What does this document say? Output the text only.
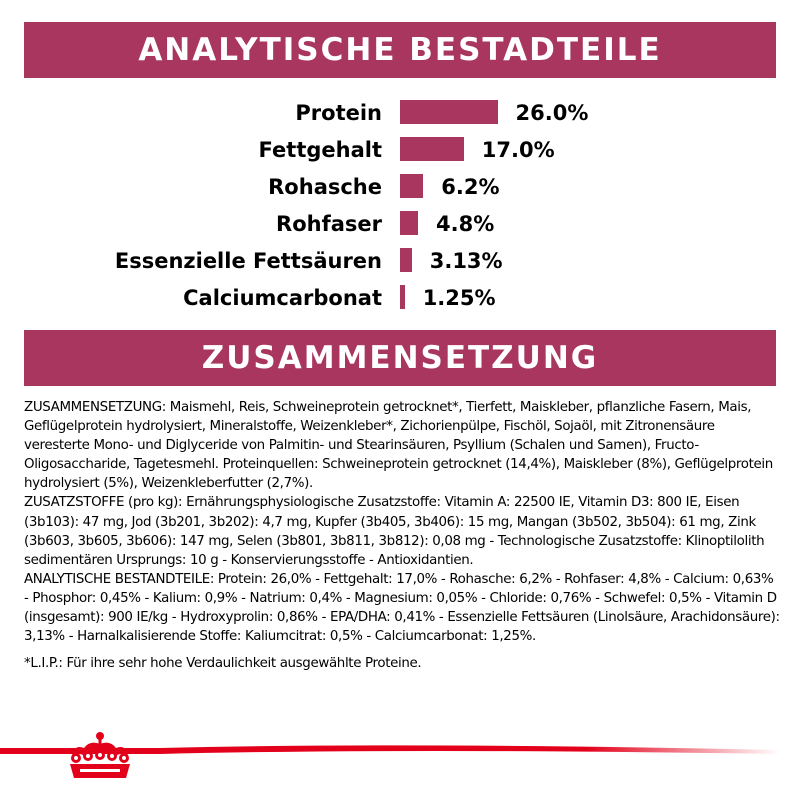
ANALYTISCHE BESTADTEILE
Protein	26.0%
Fettgehalt	17.0%
Rohasche	6.2%
Rohfaser	4.8%
Essenzielle Fettsäuren 3.13%
Calciumcarbonat 1.25%
ZUSAMMENSETZUNG

ZUSAMMENSETZUNG: Maismehl, Reis, Schweineprotein getrocknet*, Tierfett, Maiskleber, pflanzliche Fasern, Mais, Geflügelprotein hydrolysiert, Mineralstoffe, Weizenkleber*, Zichorienpülpe, Fischöl, Sojaöl, mit Zitronensäure veresterte Mono- und Diglyceride von Palmitin- und Stearinsäuren, Psyllium (Schalen und Samen), Fructo-Oligosaccharide, Tagetesmehl. Proteinquellen: Schweineprotein getrocknet (14,4%), Maiskleber (8%), Geflügelprotein hydrolysiert (5%), Weizenkleberfutter (2,7%).

ZUSATZSTOFFE (pro kg): Ernährungsphysiologische Zusatzstoffe: Vitamin A: 22500 IE, Vitamin D3: 800 IE, Eisen (3b103): 47 mg, Jod (3b201, 3b202): 4,7 mg, Kupfer (3b405, 3b406): 15 mg, Mangan (3b502, 3b504): 61 mg, Zink (3b603, 3b605, 3b606): 147 mg, Selen (3b801, 3b811, 3b812): 0,08 mg - Technologische Zusatzstoffe: Klinoptilolith sedimentären Ursprungs: 10 g - Konservierungsstoffe - Antioxidantien.

ANALYTISCHE BESTANDTEILE: Protein: 26,0% - Fettgehalt: 17,0% - Rohasche: 6,2% - Rohfaser: 4,8% - Calcium: 0,63% - Phosphor: 0,45% - Kalium: 0,9% - Natrium: 0,4% - Magnesium: 0,05% - Chloride: 0,76% - Schwefel: 0,5% - Vitamin D (insgesamt): 900 IE/kg - Hydroxyprolin: 0,86% - EPA/DHA: 0,41% - Essenzielle Fettsäuren (Linolsäure, Arachidonsäure): 3,13% - Harnalkalisierende Stoffe: Kaliumcitrat: 0,5% - Calciumcarbonat: 1,25%.

*L.I.P.: Für ihre sehr hohe Verdaulichkeit ausgewählte Proteine.
